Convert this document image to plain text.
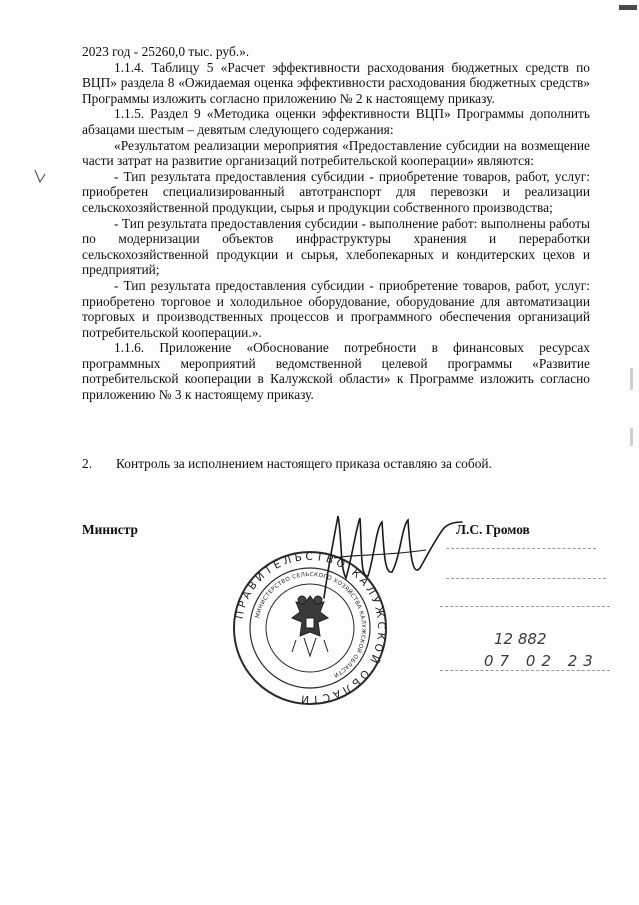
2023 год - 25260,0 тыс. руб.».

1.1.4. Таблицу 5 «Расчет эффективности расходования бюджетных средств по ВЦП» раздела 8 «Ожидаемая оценка эффективности расходования бюджетных средств» Программы изложить согласно приложению № 2 к настоящему приказу.

1.1.5. Раздел 9 «Методика оценки эффективности ВЦП» Программы дополнить абзацами шестым – девятым следующего содержания:

«Результатом реализации мероприятия «Предоставление субсидии на возмещение части затрат на развитие организаций потребительской кооперации» являются:

- Тип результата предоставления субсидии - приобретение товаров, работ, услуг: приобретен специализированный автотранспорт для перевозки и реализации сельскохозяйственной продукции, сырья и продукции собственного производства;

- Тип результата предоставления субсидии - выполнение работ: выполнены работы по модернизации объектов инфраструктуры хранения и переработки сельскохозяйственной продукции и сырья, хлебопекарных и кондитерских цехов и предприятий;

- Тип результата предоставления субсидии - приобретение товаров, работ, услуг: приобретено торговое и холодильное оборудование, оборудование для автоматизации торговых и производственных процессов и программного обеспечения организаций потребительской кооперации.».

1.1.6. Приложение «Обоснование потребности в финансовых ресурсах программных мероприятий ведомственной целевой программы «Развитие потребительской кооперации в Калужской области» к Программе изложить согласно приложению № 3 к настоящему приказу.

2. Контроль за исполнением настоящего приказа оставляю за собой.
Министр	Л.С. Громов
ПРАВИТЕЛЬСТВО КАЛУЖСКОЙ ОБЛАСТИ
МИНИСТЕРСТВО СЕЛЬСКОГО ХОЗЯЙСТВА КАЛУЖСКОЙ ОБЛАСТИ
12 882
07 02 23
